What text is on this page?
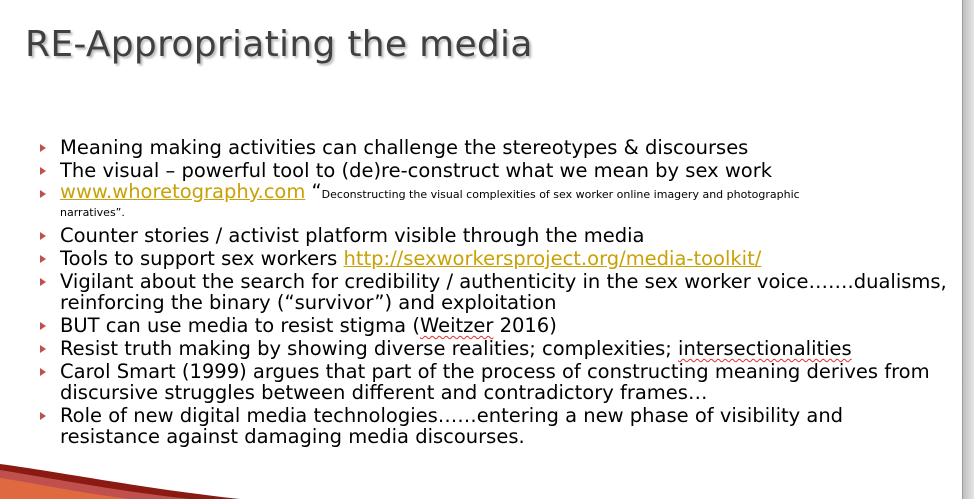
RE-Appropriating the media
Meaning making activities can challenge the stereotypes & discourses
The visual – powerful tool to (de)re-construct what we mean by sex work
www.whoretography.com “Deconstructing the visual complexities of sex worker online imagery and photographic
narratives”.
Counter stories / activist platform visible through the media
Tools to support sex workers http://sexworkersproject.org/media-toolkit/
Vigilant about the search for credibility / authenticity in the sex worker voice…….dualisms, reinforcing the binary (“survivor”) and exploitation
BUT can use media to resist stigma (Weitzer 2016)
Resist truth making by showing diverse realities; complexities; intersectionalities
Carol Smart (1999) argues that part of the process of constructing meaning derives from discursive struggles between different and contradictory frames…
Role of new digital media technologies……entering a new phase of visibility and resistance against damaging media discourses.
